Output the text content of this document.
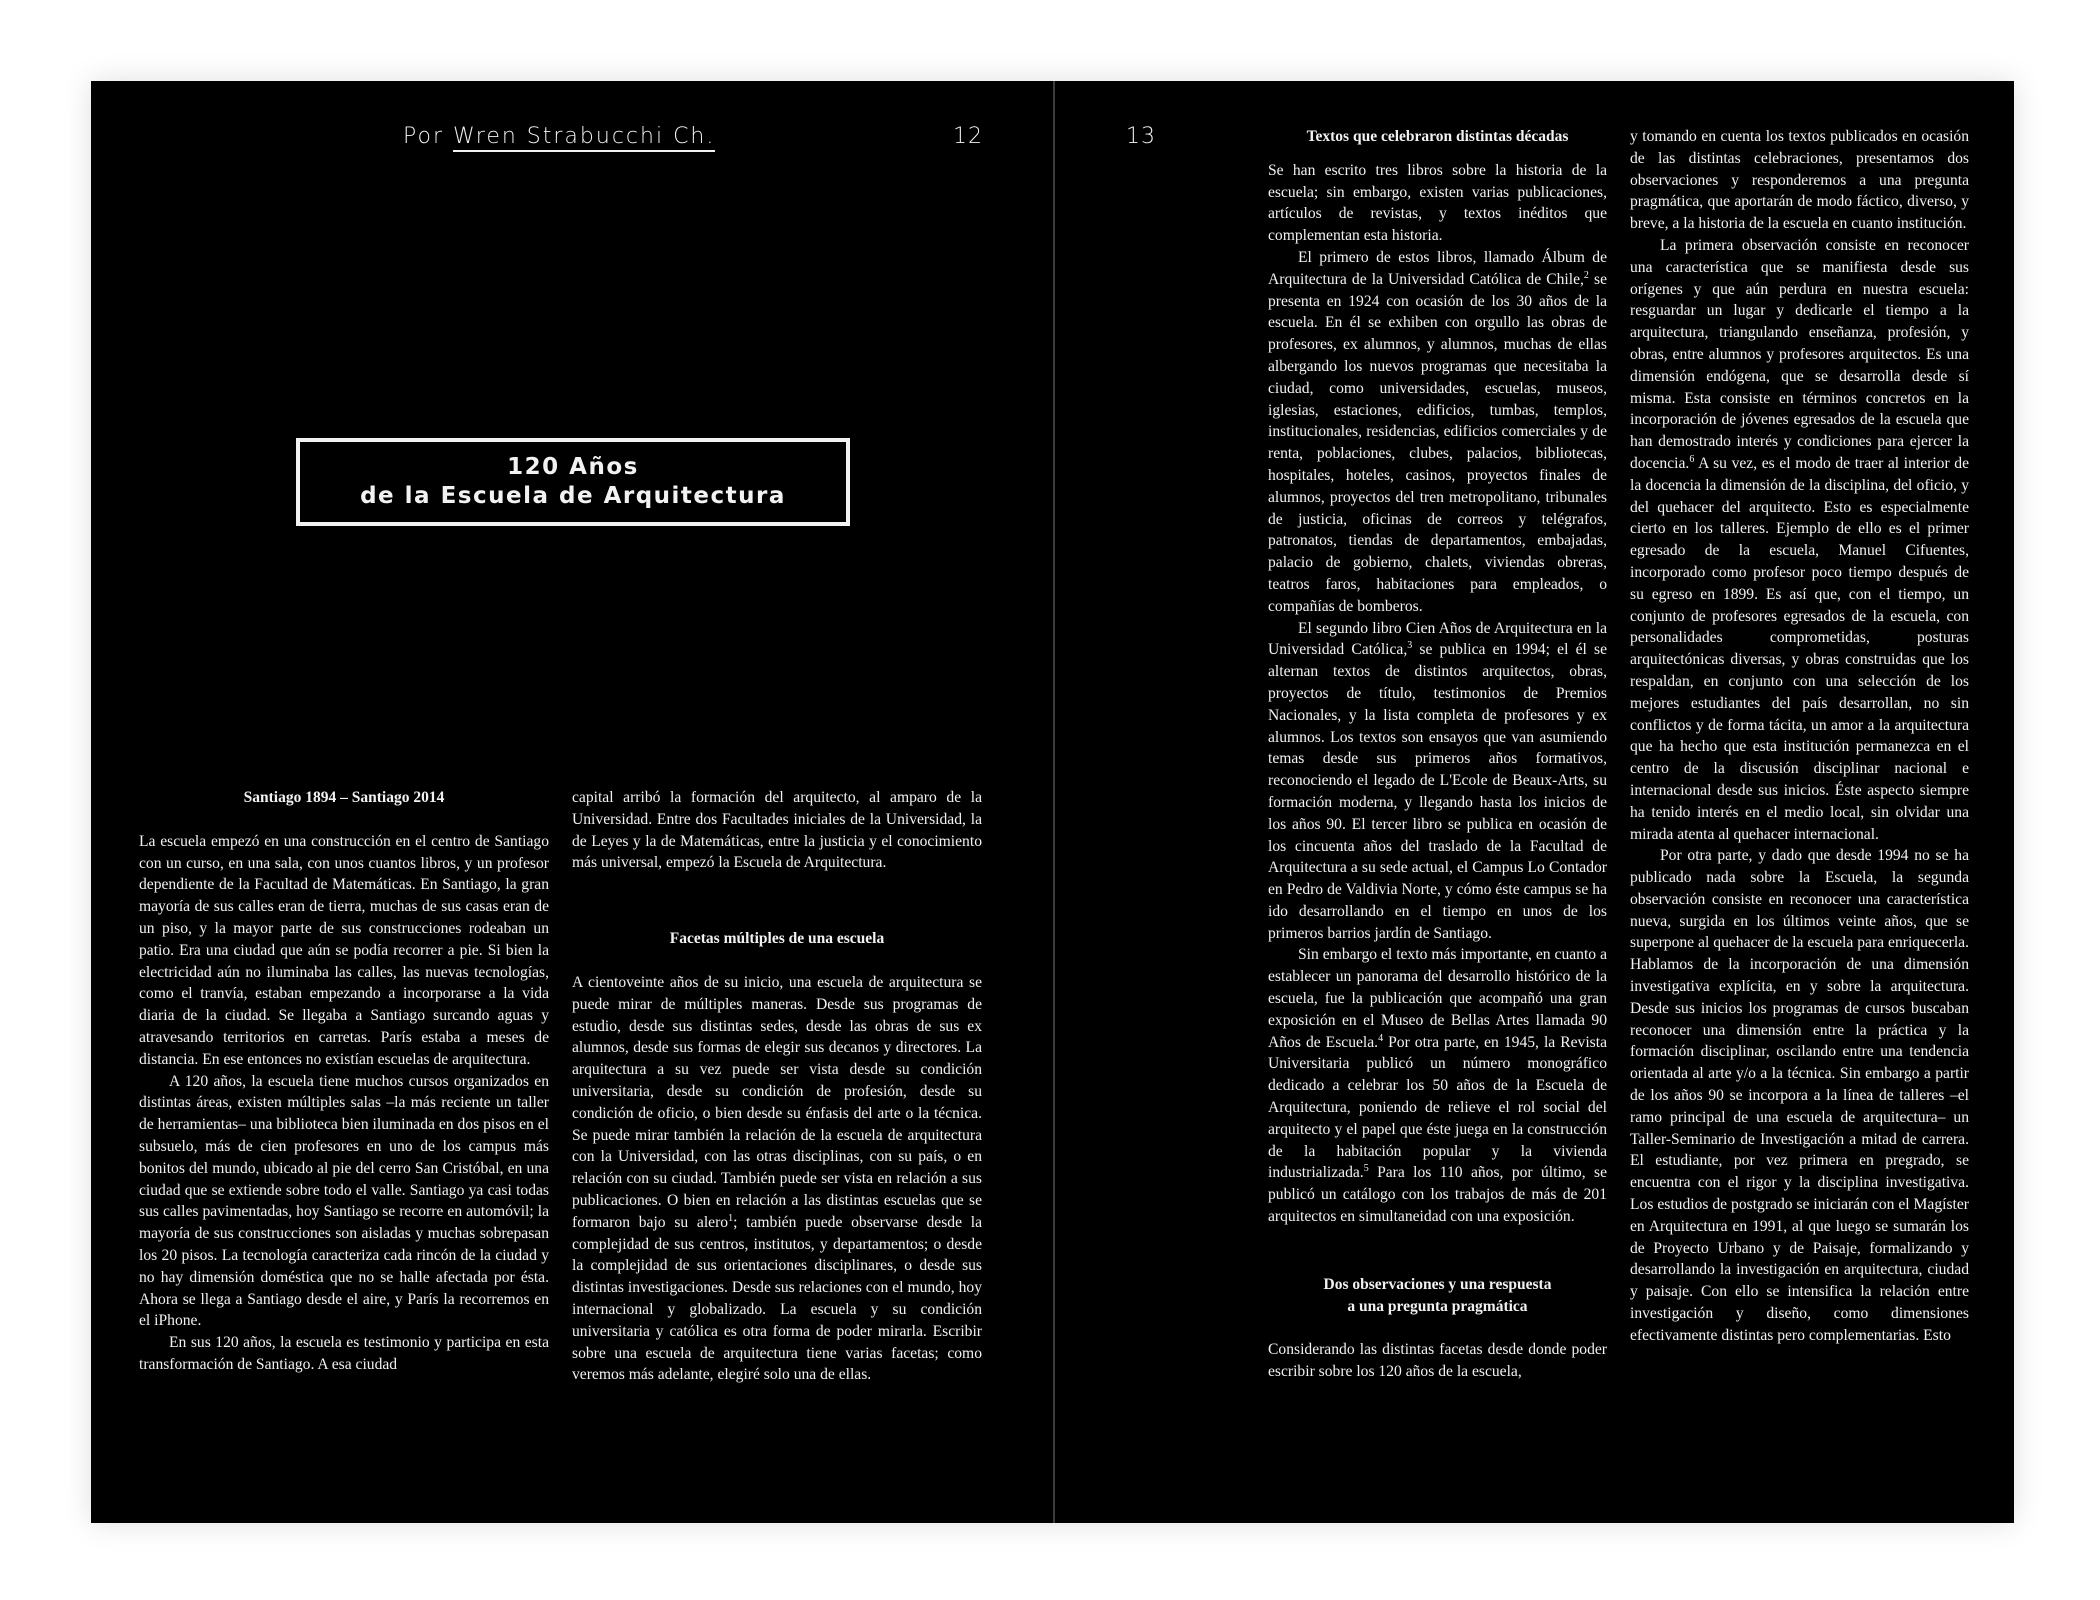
Por Wren Strabucchi Ch.	12
120 Años
de la Escuela de Arquitectura
Santiago 1894 – Santiago 2014

La escuela empezó en una construcción en el centro de Santiago con un curso, en una sala, con unos cuantos libros, y un profesor dependiente de la Facultad de Matemáticas. En Santiago, la gran mayoría de sus calles eran de tierra, muchas de sus casas eran de un piso, y la mayor parte de sus construcciones rodeaban un patio. Era una ciudad que aún se podía recorrer a pie. Si bien la electricidad aún no iluminaba las calles, las nuevas tecnologías, como el tranvía, estaban empezando a incorporarse a la vida diaria de la ciudad. Se llegaba a Santiago surcando aguas y atravesando territorios en carretas. París estaba a meses de distancia. En ese entonces no existían escuelas de arquitectura.

A 120 años, la escuela tiene muchos cursos organizados en distintas áreas, existen múltiples salas –la más reciente un taller de herramientas– una biblioteca bien iluminada en dos pisos en el subsuelo, más de cien profesores en uno de los campus más bonitos del mundo, ubicado al pie del cerro San Cristóbal, en una ciudad que se extiende sobre todo el valle. Santiago ya casi todas sus calles pavimentadas, hoy Santiago se recorre en automóvil; la mayoría de sus construcciones son aisladas y muchas sobrepasan los 20 pisos. La tecnología caracteriza cada rincón de la ciudad y no hay dimensión doméstica que no se halle afectada por ésta. Ahora se llega a Santiago desde el aire, y París la recorremos en el iPhone.

En sus 120 años, la escuela es testimonio y participa en esta transformación de Santiago. A esa ciudad

capital arribó la formación del arquitecto, al amparo de la Universidad. Entre dos Facultades iniciales de la Universidad, la de Leyes y la de Matemáticas, entre la justicia y el conocimiento más universal, empezó la Escuela de Arquitectura.

Facetas múltiples de una escuela

A cientoveinte años de su inicio, una escuela de arquitectura se puede mirar de múltiples maneras. Desde sus programas de estudio, desde sus distintas sedes, desde las obras de sus ex alumnos, desde sus formas de elegir sus decanos y directores. La arquitectura a su vez puede ser vista desde su condición universitaria, desde su condición de profesión, desde su condición de oficio, o bien desde su énfasis del arte o la técnica. Se puede mirar también la relación de la escuela de arquitectura con la Universidad, con las otras disciplinas, con su país, o en relación con su ciudad. También puede ser vista en relación a sus publicaciones. O bien en relación a las distintas escuelas que se formaron bajo su alero$^1$; también puede observarse desde la complejidad de sus centros, institutos, y departamentos; o desde la complejidad de sus orientaciones disciplinares, o desde sus distintas investigaciones. Desde sus relaciones con el mundo, hoy internacional y globalizado. La escuela y su condición universitaria y católica es otra forma de poder mirarla. Escribir sobre una escuela de arquitectura tiene varias facetas; como veremos más adelante, elegiré solo una de ellas.

13	Textos que celebraron distintas décadas

Se han escrito tres libros sobre la historia de la escuela; sin embargo, existen varias publicaciones, artículos de revistas, y textos inéditos que complementan esta historia.

El primero de estos libros, llamado Álbum de Arquitectura de la Universidad Católica de Chile,$^2$ se presenta en 1924 con ocasión de los 30 años de la escuela. En él se exhiben con orgullo las obras de profesores, ex alumnos, y alumnos, muchas de ellas albergando los nuevos programas que necesitaba la ciudad, como universidades, escuelas, museos, iglesias, estaciones, edificios, tumbas, templos, institucionales, residencias, edificios comerciales y de renta, poblaciones, clubes, palacios, bibliotecas, hospitales, hoteles, casinos, proyectos finales de alumnos, proyectos del tren metropolitano, tribunales de justicia, oficinas de correos y telégrafos, patronatos, tiendas de departamentos, embajadas, palacio de gobierno, chalets, viviendas obreras, teatros faros, habitaciones para empleados, o compañías de bomberos.

El segundo libro Cien Años de Arquitectura en la Universidad Católica,$^3$ se publica en 1994; el él se alternan textos de distintos arquitectos, obras, proyectos de título, testimonios de Premios Nacionales, y la lista completa de profesores y ex alumnos. Los textos son ensayos que van asumiendo temas desde sus primeros años formativos, reconociendo el legado de L'Ecole de Beaux-Arts, su formación moderna, y llegando hasta los inicios de los años 90. El tercer libro se publica en ocasión de los cincuenta años del traslado de la Facultad de Arquitectura a su sede actual, el Campus Lo Contador en Pedro de Valdivia Norte, y cómo éste campus se ha ido desarrollando en el tiempo en unos de los primeros barrios jardín de Santiago.

Sin embargo el texto más importante, en cuanto a establecer un panorama del desarrollo histórico de la escuela, fue la publicación que acompañó una gran exposición en el Museo de Bellas Artes llamada 90 Años de Escuela.$^4$ Por otra parte, en 1945, la Revista Universitaria publicó un número monográfico dedicado a celebrar los 50 años de la Escuela de Arquitectura, poniendo de relieve el rol social del arquitecto y el papel que éste juega en la construcción de la habitación popular y la vivienda industrializada.$^5$ Para los 110 años, por último, se publicó un catálogo con los trabajos de más de 201 arquitectos en simultaneidad con una exposición.

Dos observaciones y una respuesta
a una pregunta pragmática

Considerando las distintas facetas desde donde poder escribir sobre los 120 años de la escuela,

y tomando en cuenta los textos publicados en ocasión de las distintas celebraciones, presentamos dos observaciones y responderemos a una pregunta pragmática, que aportarán de modo fáctico, diverso, y breve, a la historia de la escuela en cuanto institución.

La primera observación consiste en reconocer una característica que se manifiesta desde sus orígenes y que aún perdura en nuestra escuela: resguardar un lugar y dedicarle el tiempo a la arquitectura, triangulando enseñanza, profesión, y obras, entre alumnos y profesores arquitectos. Es una dimensión endógena, que se desarrolla desde sí misma. Esta consiste en términos concretos en la incorporación de jóvenes egresados de la escuela que han demostrado interés y condiciones para ejercer la docencia.$^6$ A su vez, es el modo de traer al interior de la docencia la dimensión de la disciplina, del oficio, y del quehacer del arquitecto. Esto es especialmente cierto en los talleres. Ejemplo de ello es el primer egresado de la escuela, Manuel Cifuentes, incorporado como profesor poco tiempo después de su egreso en 1899. Es así que, con el tiempo, un conjunto de profesores egresados de la escuela, con personalidades comprometidas, posturas arquitectónicas diversas, y obras construidas que los respaldan, en conjunto con una selección de los mejores estudiantes del país desarrollan, no sin conflictos y de forma tácita, un amor a la arquitectura que ha hecho que esta institución permanezca en el centro de la discusión disciplinar nacional e internacional desde sus inicios. Éste aspecto siempre ha tenido interés en el medio local, sin olvidar una mirada atenta al quehacer internacional.

Por otra parte, y dado que desde 1994 no se ha publicado nada sobre la Escuela, la segunda observación consiste en reconocer una característica nueva, surgida en los últimos veinte años, que se superpone al quehacer de la escuela para enriquecerla. Hablamos de la incorporación de una dimensión investigativa explícita, en y sobre la arquitectura. Desde sus inicios los programas de cursos buscaban reconocer una dimensión entre la práctica y la formación disciplinar, oscilando entre una tendencia orientada al arte y/o a la técnica. Sin embargo a partir de los años 90 se incorpora a la línea de talleres –el ramo principal de una escuela de arquitectura– un Taller-Seminario de Investigación a mitad de carrera. El estudiante, por vez primera en pregrado, se encuentra con el rigor y la disciplina investigativa. Los estudios de postgrado se iniciarán con el Magíster en Arquitectura en 1991, al que luego se sumarán los de Proyecto Urbano y de Paisaje, formalizando y desarrollando la investigación en arquitectura, ciudad y paisaje. Con ello se intensifica la relación entre investigación y diseño, como dimensiones efectivamente distintas pero complementarias. Esto
